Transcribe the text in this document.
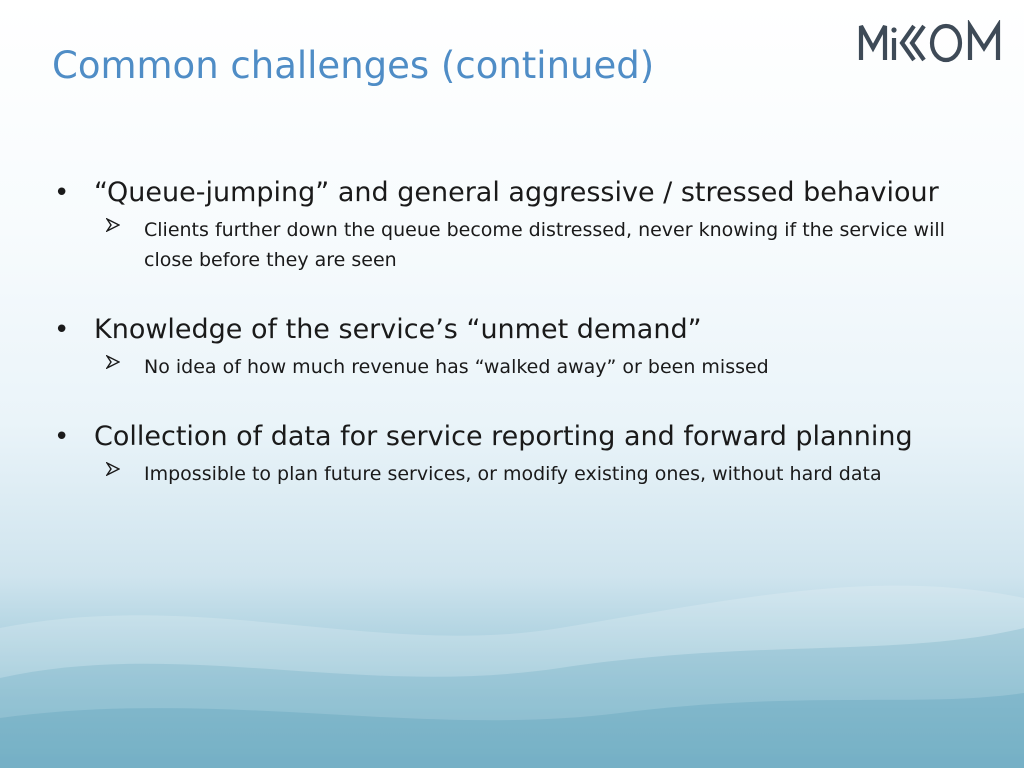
Common challenges (continued)
• “Queue-jumping” and general aggressive / stressed behaviour
Clients further down the queue become distressed, never knowing if the service will close before they are seen
• Knowledge of the service’s “unmet demand”
No idea of how much revenue has “walked away” or been missed
• Collection of data for service reporting and forward planning
Impossible to plan future services, or modify existing ones, without hard data
